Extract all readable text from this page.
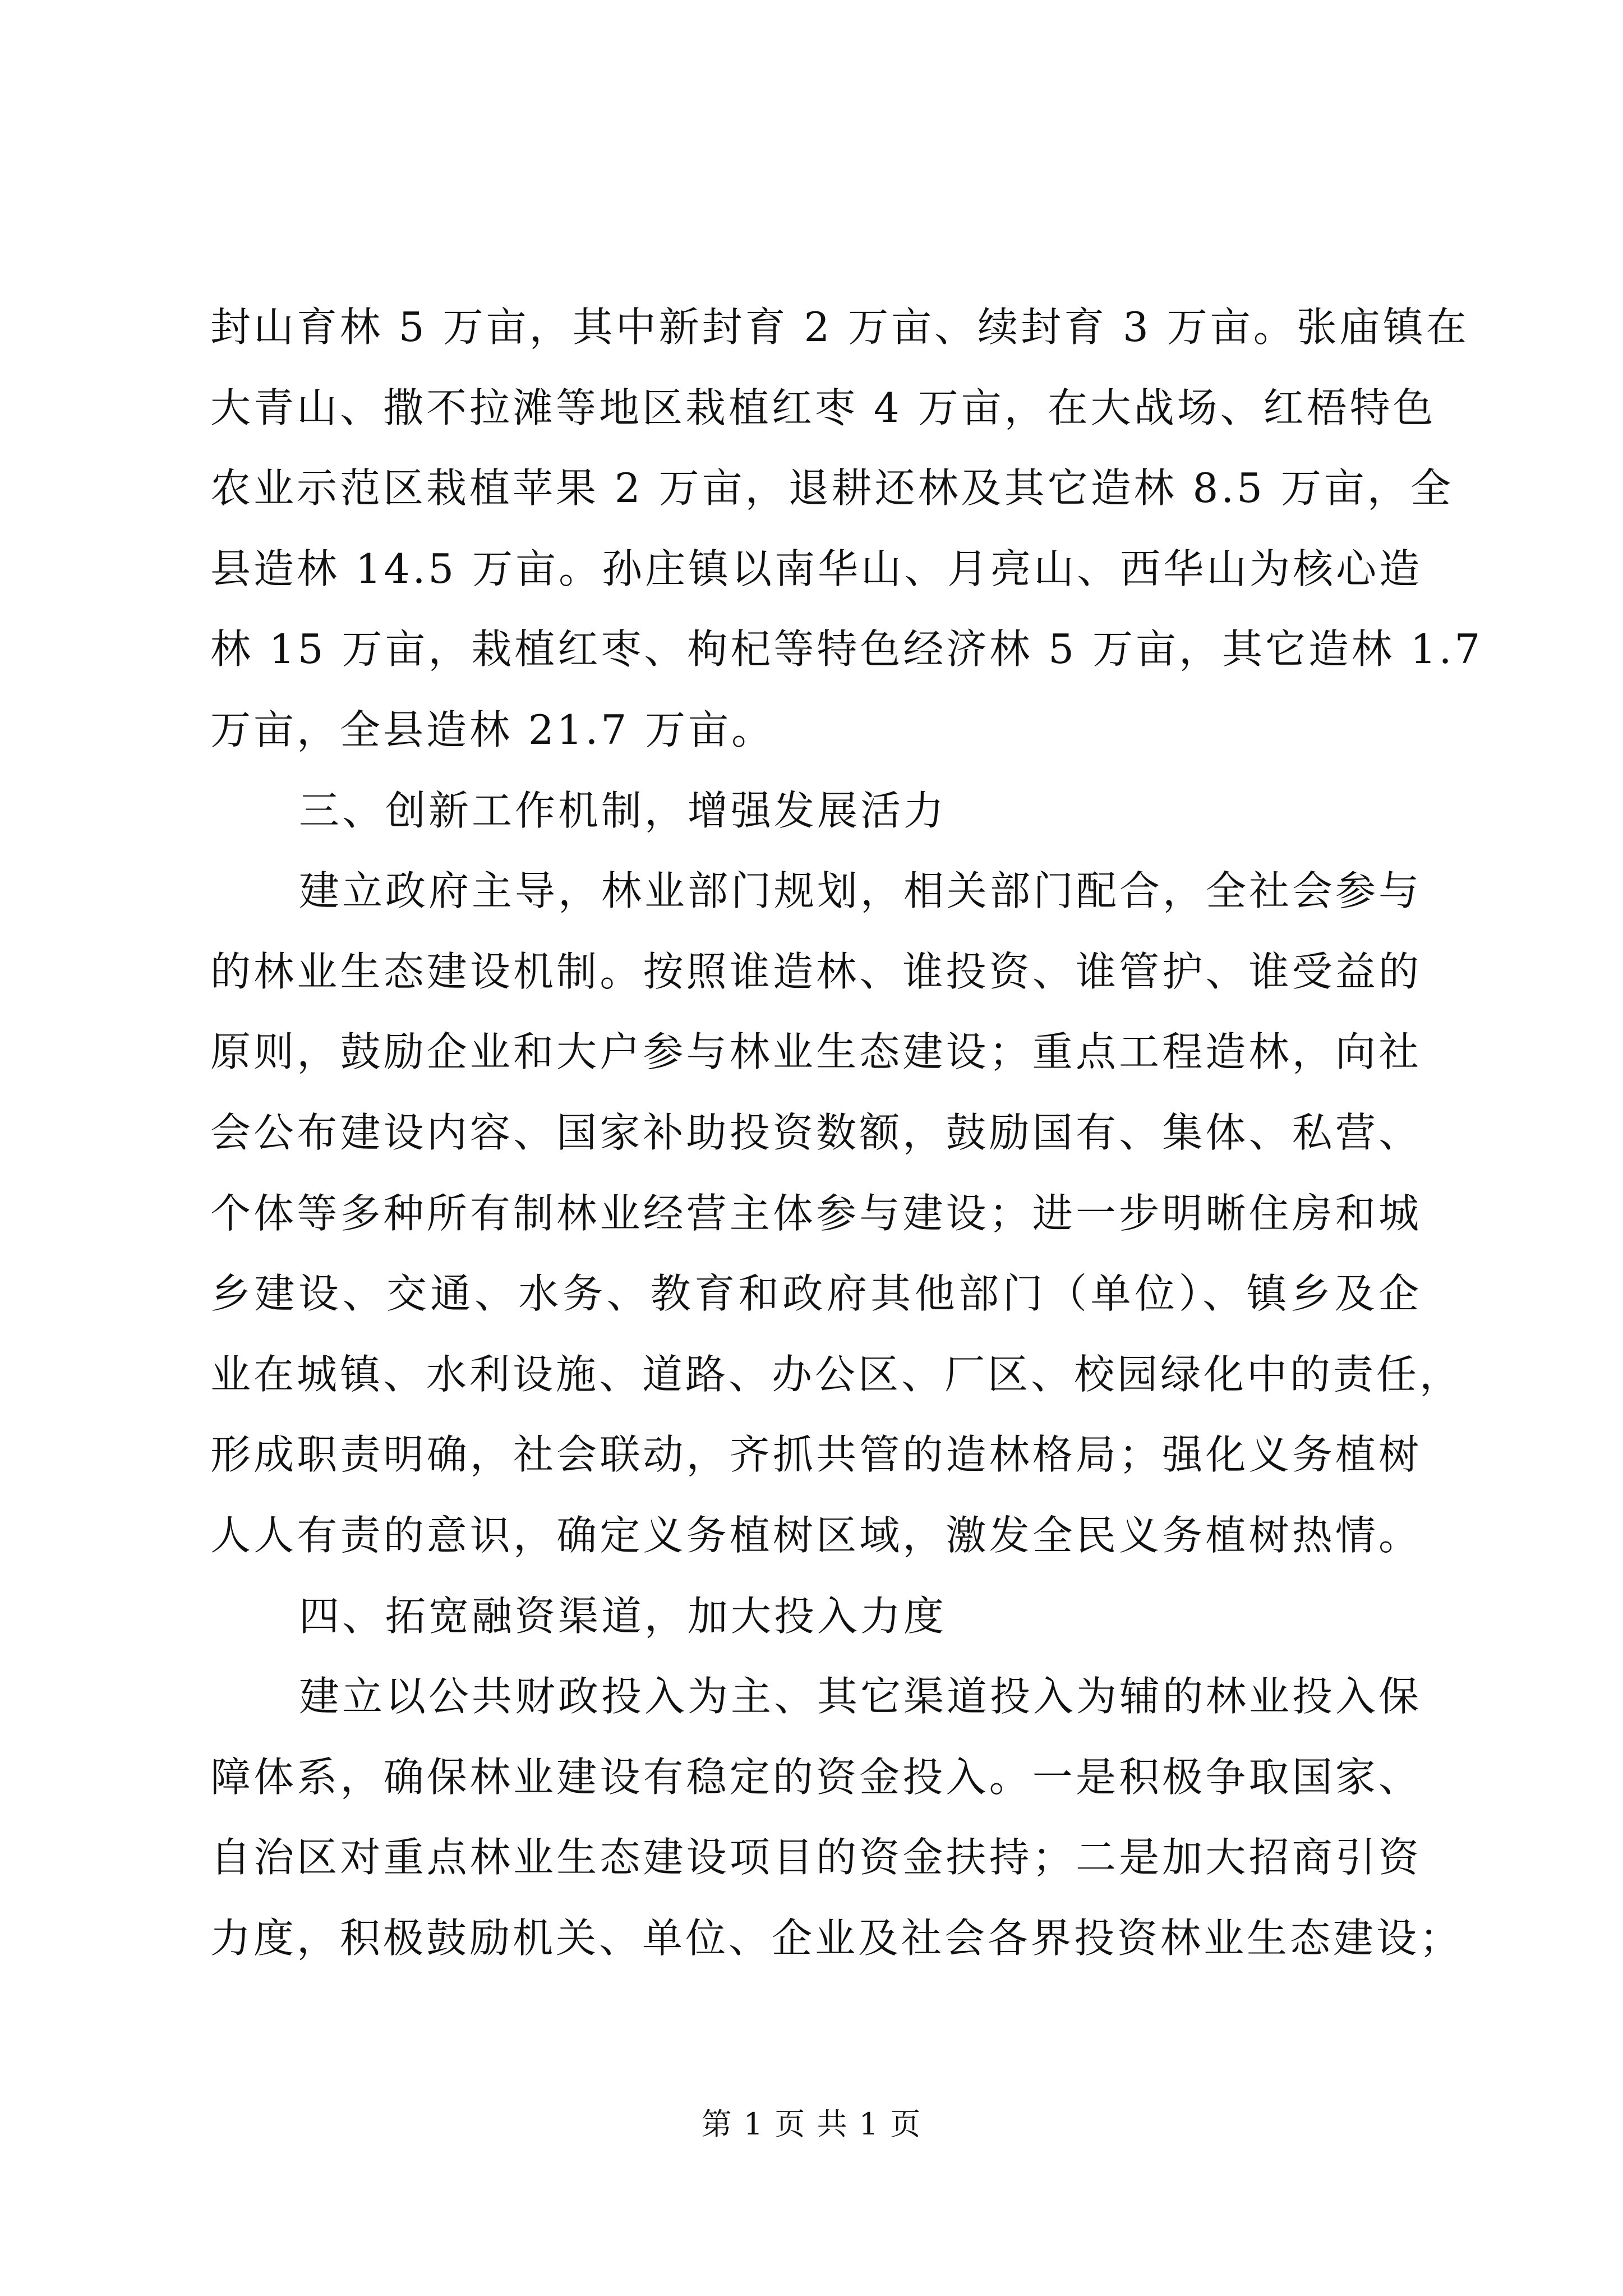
封山育林 5 万亩，其中新封育 2 万亩、续封育 3 万亩。张庙镇在
大青山、撒不拉滩等地区栽植红枣 4 万亩，在大战场、红梧特色
农业示范区栽植苹果 2 万亩，退耕还林及其它造林 8.5 万亩，全
县造林 14.5 万亩。孙庄镇以南华山、月亮山、西华山为核心造
林 15 万亩，栽植红枣、枸杞等特色经济林 5 万亩，其它造林 1.7
万亩，全县造林 21.7 万亩。
三、创新工作机制，增强发展活力
建立政府主导，林业部门规划，相关部门配合，全社会参与
的林业生态建设机制。按照谁造林、谁投资、谁管护、谁受益的
原则，鼓励企业和大户参与林业生态建设；重点工程造林，向社
会公布建设内容、国家补助投资数额，鼓励国有、集体、私营、
个体等多种所有制林业经营主体参与建设；进一步明晰住房和城
乡建设、交通、水务、教育和政府其他部门（单位）、镇乡及企
业在城镇、水利设施、道路、办公区、厂区、校园绿化中的责任，
形成职责明确，社会联动，齐抓共管的造林格局；强化义务植树
人人有责的意识，确定义务植树区域，激发全民义务植树热情。
四、拓宽融资渠道，加大投入力度
建立以公共财政投入为主、其它渠道投入为辅的林业投入保
障体系，确保林业建设有稳定的资金投入。一是积极争取国家、
自治区对重点林业生态建设项目的资金扶持；二是加大招商引资
力度，积极鼓励机关、单位、企业及社会各界投资林业生态建设；
第 1 页 共 1 页
